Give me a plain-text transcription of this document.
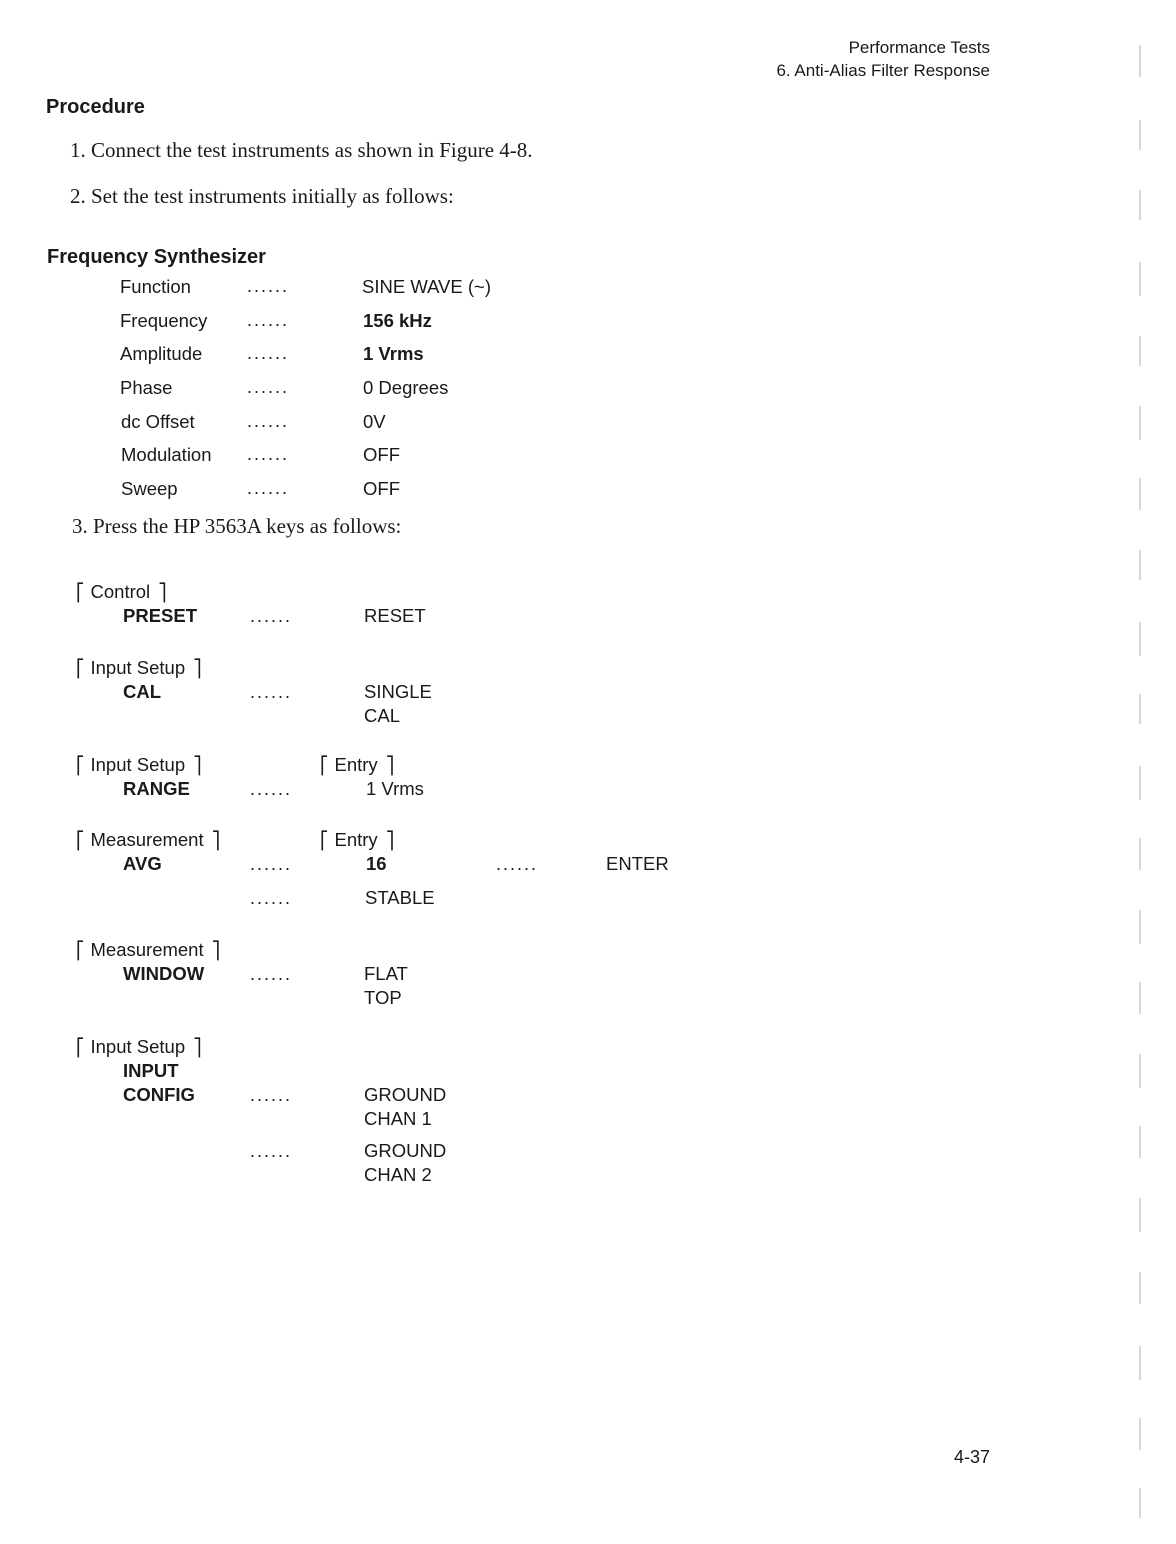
Performance Tests
6. Anti-Alias Filter Response
Procedure
1. Connect the test instruments as shown in Figure 4-8.
2. Set the test instruments initially as follows:
Frequency Synthesizer
Function	......	SINE WAVE (~)
Frequency ......	156 kHz
Amplitude ......	1 Vrms
Phase	......	0 Degrees
dc Offset	......	0V
Modulation ......	OFF
Sweep	......	OFF
3. Press the HP 3563A keys as follows:
⎡ Control ⎤
PRESET	......	RESET
⎡ Input Setup ⎤
CAL	......	SINGLE
CAL
⎡ Input Setup ⎤	⎡ Entry ⎤
RANGE	......	1 Vrms
⎡ Measurement ⎤	⎡ Entry ⎤
AVG	......	16	......	ENTER
......	STABLE
⎡ Measurement ⎤
WINDOW	......	FLAT
TOP
⎡ Input Setup ⎤
INPUT
CONFIG	......	GROUND
CHAN 1
......	GROUND
CHAN 2
4-37
